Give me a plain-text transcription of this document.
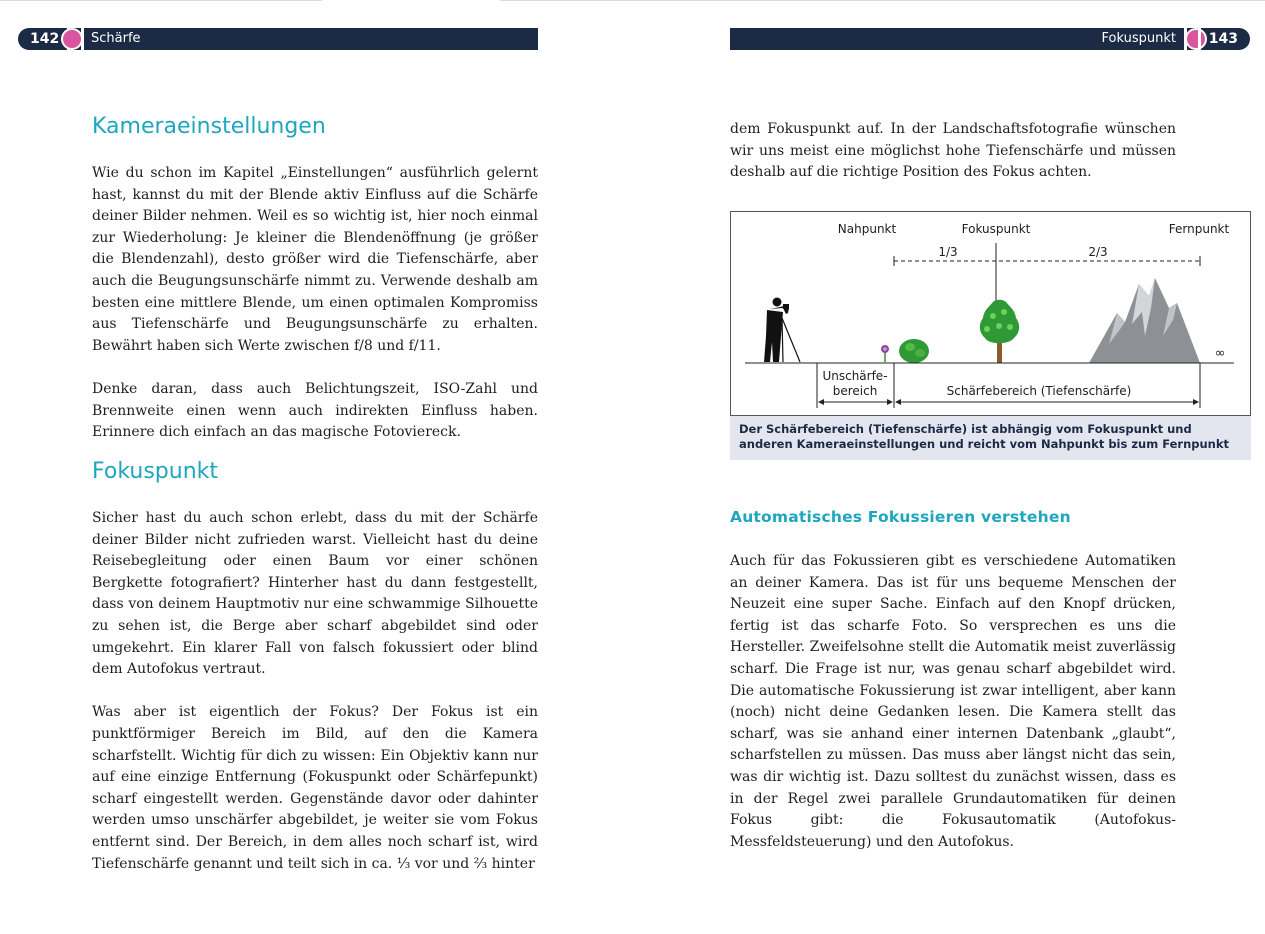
142 Schärfe	Fokuspunkt 143
Kameraeinstellungen

Wie du schon im Kapitel „Einstellungen“ ausführlich gelernt hast, kannst du mit der Blende aktiv Einfluss auf die Schärfe deiner Bilder nehmen. Weil es so wichtig ist, hier noch einmal zur Wiederholung: Je kleiner die Blendenöffnung (je größer die Blendenzahl), desto größer wird die Tiefenschärfe, aber auch die Beugungsunschärfe nimmt zu. Verwende deshalb am besten eine mittlere Blende, um einen optimalen Kompromiss aus Tiefenschärfe und Beugungsunschärfe zu erhalten. Bewährt haben sich Werte zwischen f/8 und f/11.

Denke daran, dass auch Belichtungszeit, ISO-Zahl und Brennweite einen wenn auch indirekten Einfluss haben. Erinnere dich einfach an das magische Fotoviereck.

Fokuspunkt

Sicher hast du auch schon erlebt, dass du mit der Schärfe deiner Bilder nicht zufrieden warst. Vielleicht hast du deine Reisebegleitung oder einen Baum vor einer schönen Bergkette fotografiert? Hinterher hast du dann festgestellt, dass von deinem Hauptmotiv nur eine schwammige Silhouette zu sehen ist, die Berge aber scharf abgebildet sind oder umgekehrt. Ein klarer Fall von falsch fokussiert oder blind dem Autofokus vertraut.

Was aber ist eigentlich der Fokus? Der Fokus ist ein punktförmiger Bereich im Bild, auf den die Kamera scharfstellt. Wichtig für dich zu wissen: Ein Objektiv kann nur auf eine einzige Entfernung (Fokuspunkt oder Schärfepunkt) scharf eingestellt werden. Gegenstände davor oder dahinter werden umso unschärfer abgebildet, je weiter sie vom Fokus entfernt sind. Der Bereich, in dem alles noch scharf ist, wird Tiefenschärfe genannt und teilt sich in ca. ⅓ vor und ⅔ hinter

dem Fokuspunkt auf. In der Landschaftsfotografie wünschen wir uns meist eine möglichst hohe Tiefenschärfe und müssen deshalb auf die richtige Position des Fokus achten.

Nahpunkt	Fokuspunkt	Fernpunkt
1/3	2/3
∞
Unschärfe-
bereich	Schärfebereich (Tiefenschärfe)
Der Schärfebereich (Tiefenschärfe) ist abhängig vom Fokuspunkt und anderen Kameraeinstellungen und reicht vom Nahpunkt bis zum Fernpunkt
Automatisches Fokussieren verstehen

Auch für das Fokussieren gibt es verschiedene Automatiken an deiner Kamera. Das ist für uns bequeme Menschen der Neuzeit eine super Sache. Einfach auf den Knopf drücken, fertig ist das scharfe Foto. So versprechen es uns die Hersteller. Zweifelsohne stellt die Automatik meist zuverlässig scharf. Die Frage ist nur, was genau scharf abgebildet wird. Die automatische Fokussierung ist zwar intelligent, aber kann (noch) nicht deine Gedanken lesen. Die Kamera stellt das scharf, was sie anhand einer internen Datenbank „glaubt“, scharfstellen zu müssen. Das muss aber längst nicht das sein, was dir wichtig ist. Dazu solltest du zunächst wissen, dass es in der Regel zwei parallele Grundautomatiken für deinen Fokus gibt: die Fokusautomatik (Autofokus-Messfeldsteuerung) und den Autofokus.
